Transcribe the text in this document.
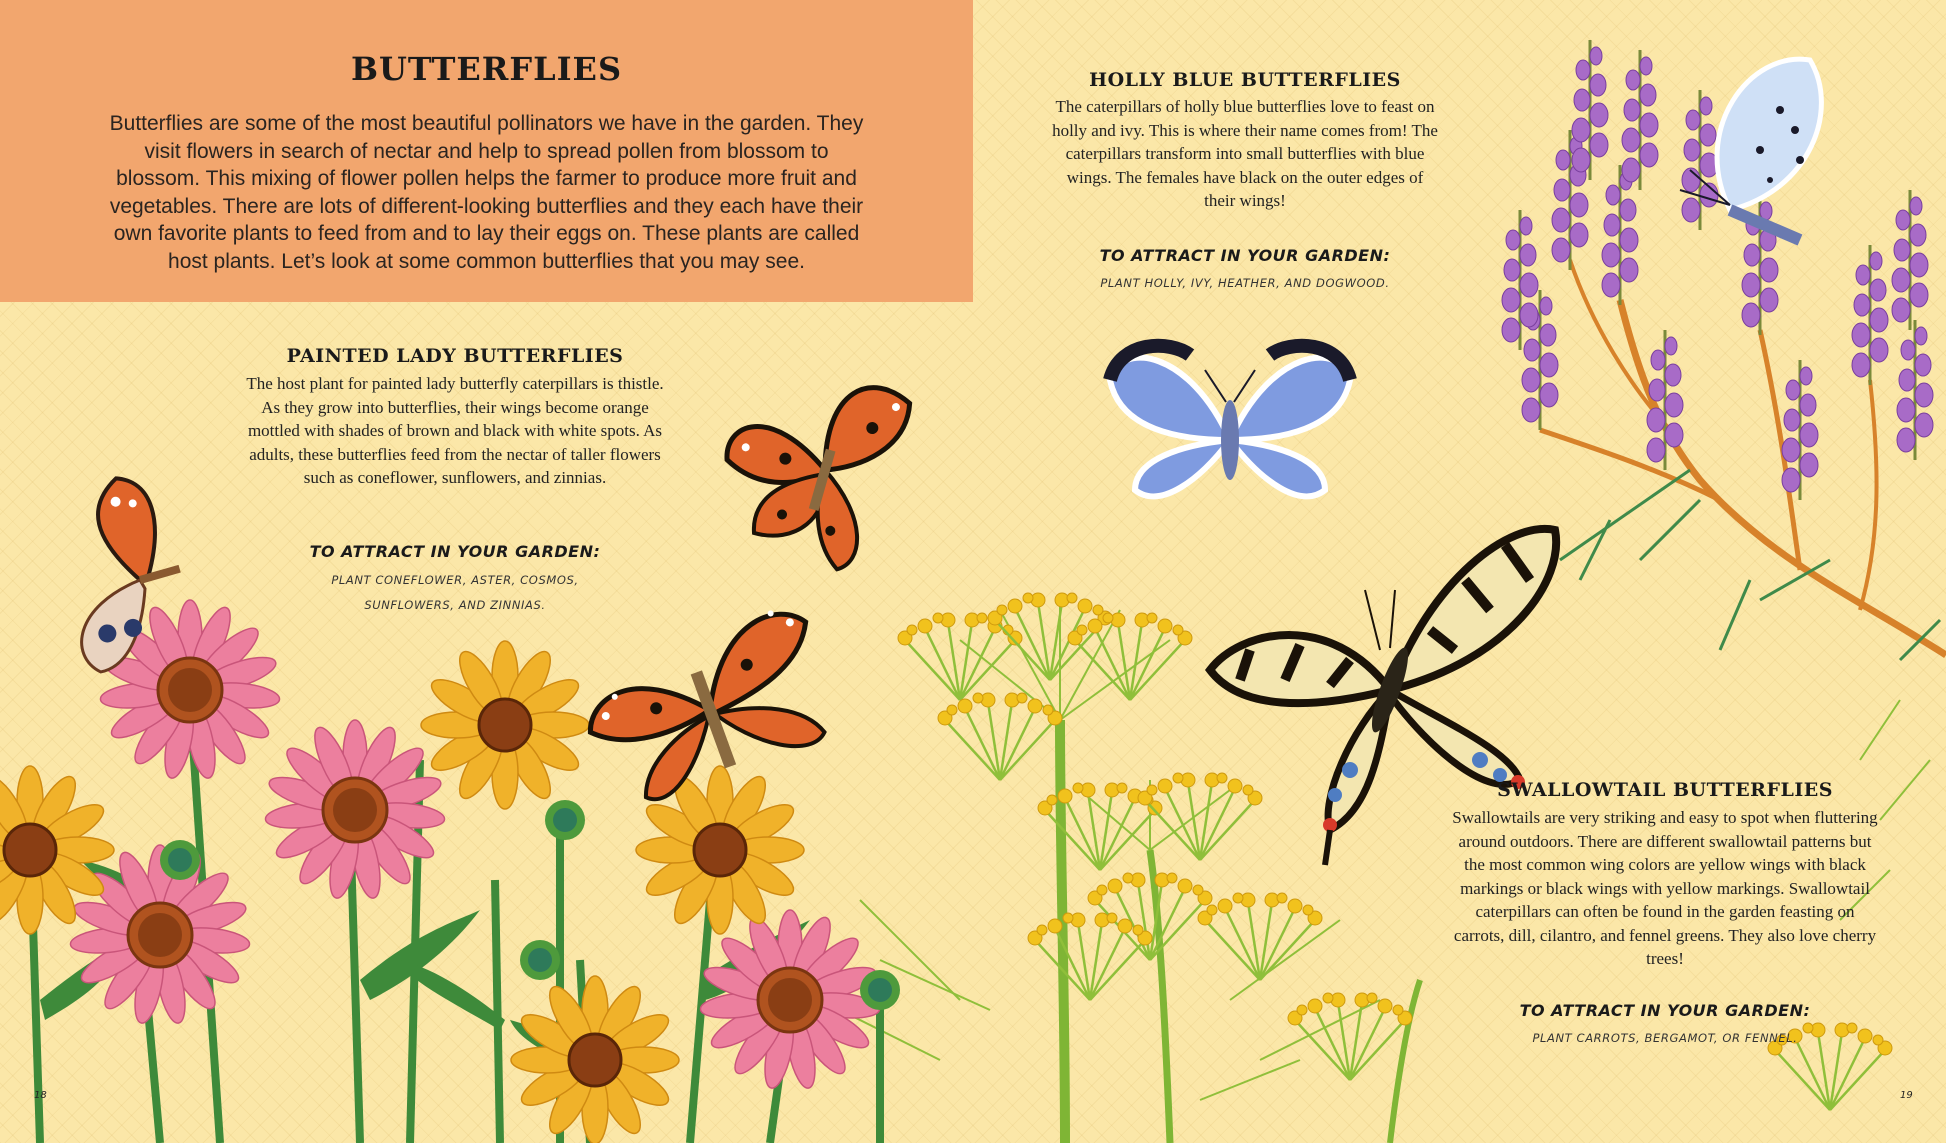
BUTTERFLIES
Butterflies are some of the most beautiful pollinators we have in the garden. They visit flowers in search of nectar and help to spread pollen from blossom to blossom. This mixing of flower pollen helps the farmer to produce more fruit and vegetables. There are lots of different-looking butterflies and they each have their own favorite plants to feed from and to lay their eggs on. These plants are called host plants. Let’s look at some common butterflies that you may see.
PAINTED LADY BUTTERFLIES
The host plant for painted lady butterfly caterpillars is thistle. As they grow into butterflies, their wings become orange mottled with shades of brown and black with white spots. As adults, these butterflies feed from the nectar of taller flowers such as coneflower, sunflowers, and zinnias.
TO ATTRACT IN YOUR GARDEN:
PLANT CONEFLOWER, ASTER, COSMOS,
SUNFLOWERS, AND ZINNIAS.
HOLLY BLUE BUTTERFLIES
The caterpillars of holly blue butterflies love to feast on holly and ivy. This is where their name comes from! The caterpillars transform into small butterflies with blue wings. The females have black on the outer edges of their wings!
TO ATTRACT IN YOUR GARDEN:
PLANT HOLLY, IVY, HEATHER, AND DOGWOOD.
SWALLOWTAIL BUTTERFLIES
Swallowtails are very striking and easy to spot when fluttering around outdoors. There are different swallowtail patterns but the most common wing colors are yellow wings with black markings or black wings with yellow markings. Swallowtail caterpillars can often be found in the garden feasting on carrots, dill, cilantro, and fennel greens. They also love cherry trees!
TO ATTRACT IN YOUR GARDEN:
PLANT CARROTS, BERGAMOT, OR FENNEL.
18	19
